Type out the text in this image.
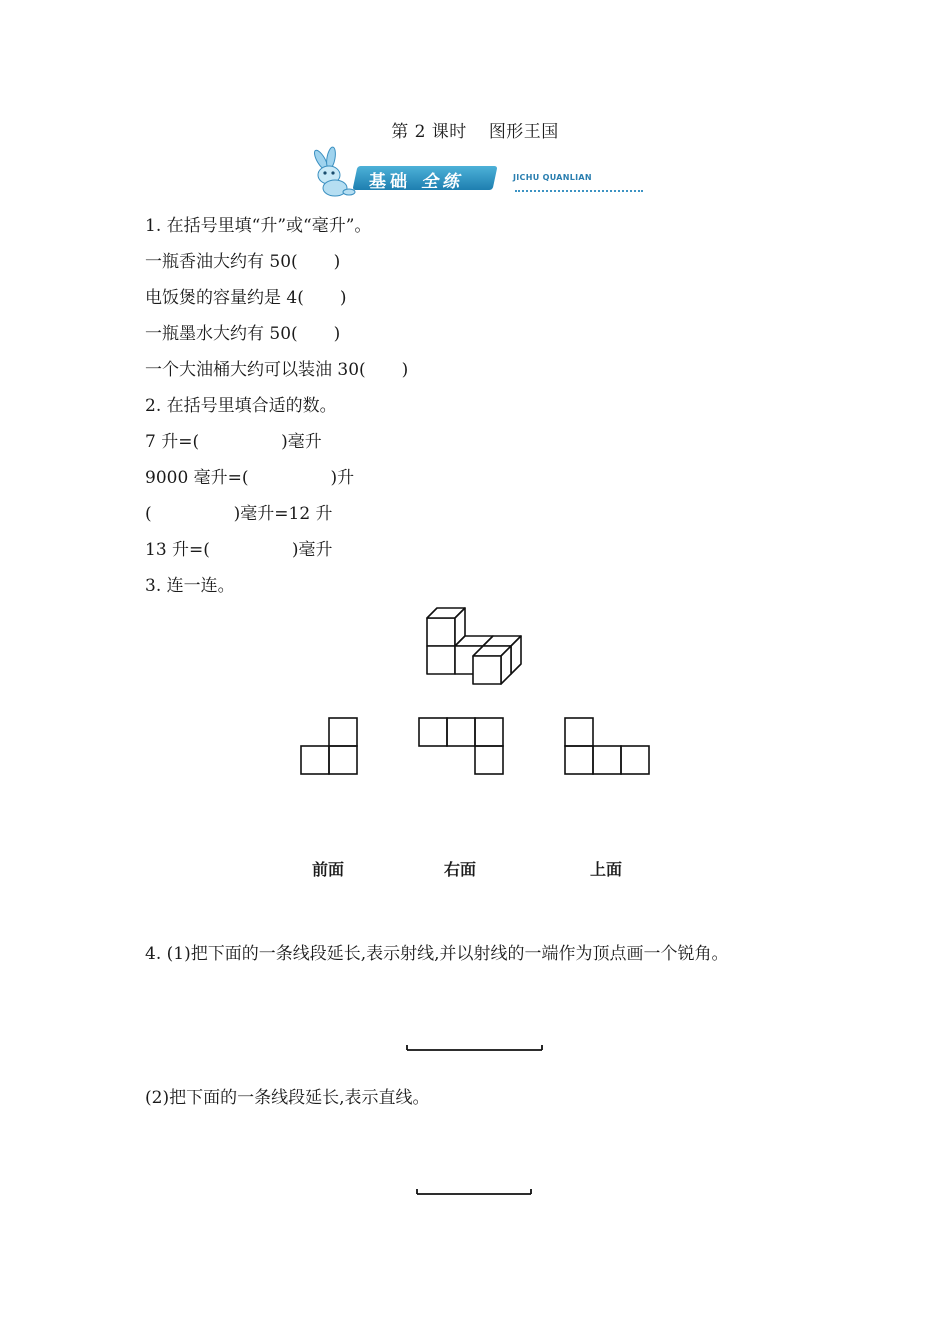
第 2 课时 图形王国
基础 全练	JICHU QUANLIAN
1. 在括号里填“升”或“毫升”。
一瓶香油大约有 50( )
电饭煲的容量约是 4( )
一瓶墨水大约有 50( )
一个大油桶大约可以装油 30( )
2. 在括号里填合适的数。
7 升=(	)毫升
9000 毫升=(	)升
(	)毫升=12 升
13 升=(	)毫升
3. 连一连。
前面	右面	上面
4. (1)把下面的一条线段延长,表示射线,并以射线的一端作为顶点画一个锐角。
(2)把下面的一条线段延长,表示直线。
